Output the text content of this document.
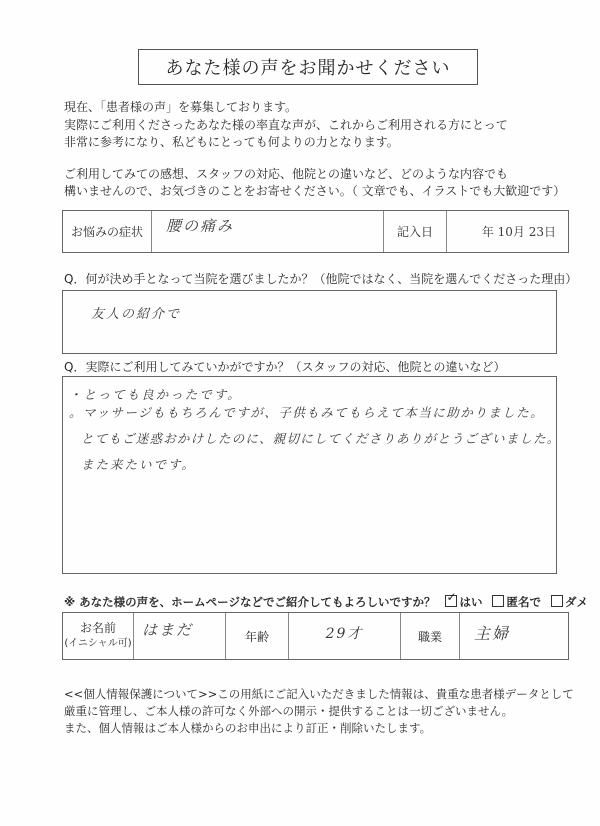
あなた様の声をお聞かせください

現在、「患者様の声」を募集しております。
実際にご利用くださったあなた様の率直な声が、これからご利用される方にとって
非常に参考になり、私どもにとっても何よりの力となります。

ご利用してみての感想、スタッフの対応、他院との違いなど、どのような内容でも
構いませんので、お気づきのことをお寄せください。（ 文章でも、イラストでも大歓迎です）

お悩みの症状 腰の痛み	記入日	年 10月 23日
Q．何が決め手となって当院を選びましたか？（他院ではなく、当院を選んでくださった理由）
友人の紹介で
Q．実際にご利用してみていかがですか？（スタッフの対応、他院との違いなど）
・とっても良かったです。
。マッサージももちろんですが、子供もみてもらえて本当に助かりました。
とてもご迷惑おかけしたのに、親切にしてくださりありがとうございました。
また来たいです。
※ あなた様の声を、ホームページなどでご紹介してもよろしいですか？ ✓ はい 匿名で ダメ
お名前
(イニシャル可)
はまだ	年齢	29才	職業 主婦

<<個人情報保護について>>この用紙にご記入いただきました情報は、貴重な患者様データとして

厳重に管理し、ご本人様の許可なく外部への開示・提供することは一切ございません。

また、個人情報はご本人様からのお申出により訂正・削除いたします。
